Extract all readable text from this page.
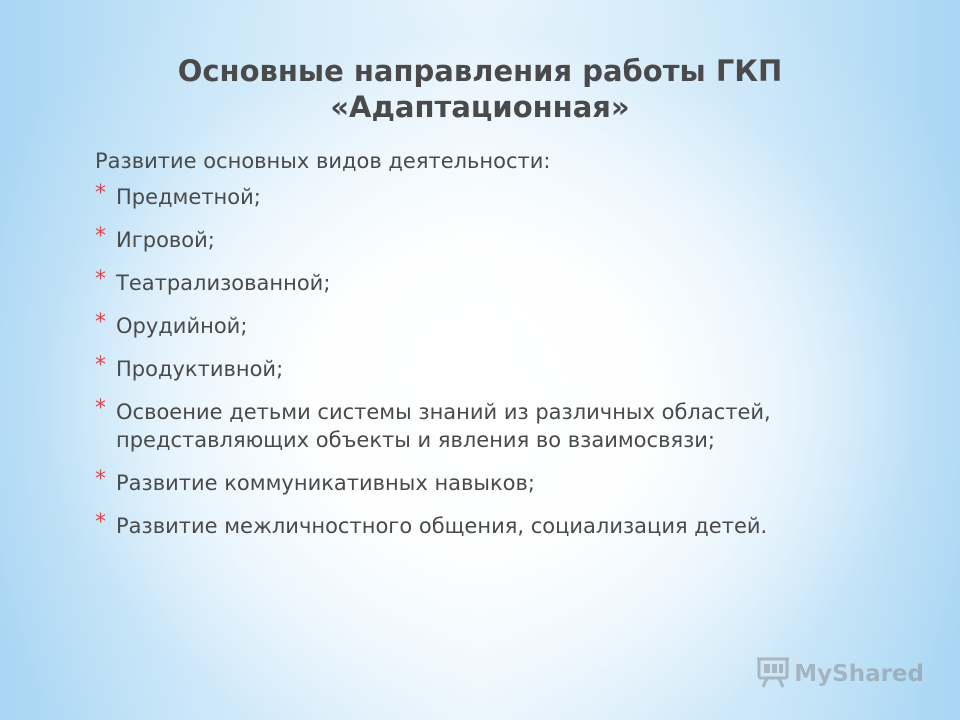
Основные направления работы ГКП
«Адаптационная»

Развитие основных видов деятельности:

* Предметной;
* Игровой;
* Театрализованной;
* Орудийной;
* Продуктивной;
* Освоение детьми системы знаний из различных областей, представляющих объекты и явления во взаимосвязи;
* Развитие коммуникативных навыков;
* Развитие межличностного общения, социализация детей.
MyShared
